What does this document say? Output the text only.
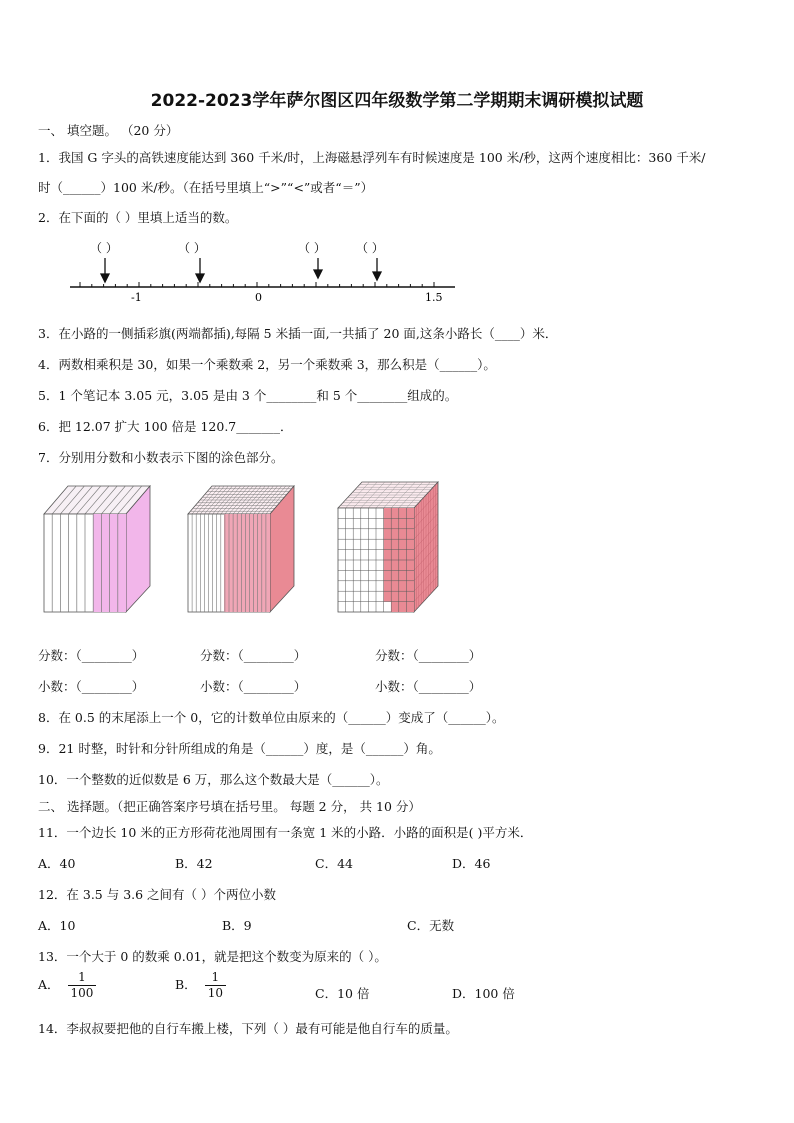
2022-2023学年萨尔图区四年级数学第二学期期末调研模拟试题
一、 填空题。 （20 分）
1．我国 G 字头的高铁速度能达到 360 千米/时，上海磁悬浮列车有时候速度是 100 米/秒，这两个速度相比：360 千米/
时（______）100 米/秒。（在括号里填上“>”“<”或者“＝”）
2．在下面的（ ）里填上适当的数。
（ ）	（ ）	（ ）	（ ）
-1	0	1.5
3．在小路的一侧插彩旗(两端都插),每隔 5 米插一面,一共插了 20 面,这条小路长（____）米．
4．两数相乘积是 30，如果一个乘数乘 2，另一个乘数乘 3，那么积是（______）。
5．1 个笔记本 3.05 元，3.05 是由 3 个________和 5 个________组成的。
6．把 12.07 扩大 100 倍是 120.7_______．
7．分别用分数和小数表示下图的涂色部分。
分数：（________）	分数：（________）	分数：（________）
小数：（________）	小数：（________）	小数：（________）
8．在 0.5 的末尾添上一个 0，它的计数单位由原来的（______）变成了（______）。
9．21 时整，时针和分针所组成的角是（______）度，是（______）角。
10．一个整数的近似数是 6 万，那么这个数最大是（______）。
二、 选择题。（把正确答案序号填在括号里。 每题 2 分， 共 10 分）
11．一个边长 10 米的正方形荷花池周围有一条宽 1 米的小路．小路的面积是( )平方米．
A．40	B．42	C．44	D．46
12．在 3.5 与 3.6 之间有（ ）个两位小数
A．10	B．9	C．无数
13．一个大于 0 的数乘 0.01，就是把这个数变为原来的（ ）。
A． $\frac{1}{100}$	B． $\frac{1}{10}$	C．10 倍	D．100 倍
14．李叔叔要把他的自行车搬上楼，下列（ ）最有可能是他自行车的质量。
